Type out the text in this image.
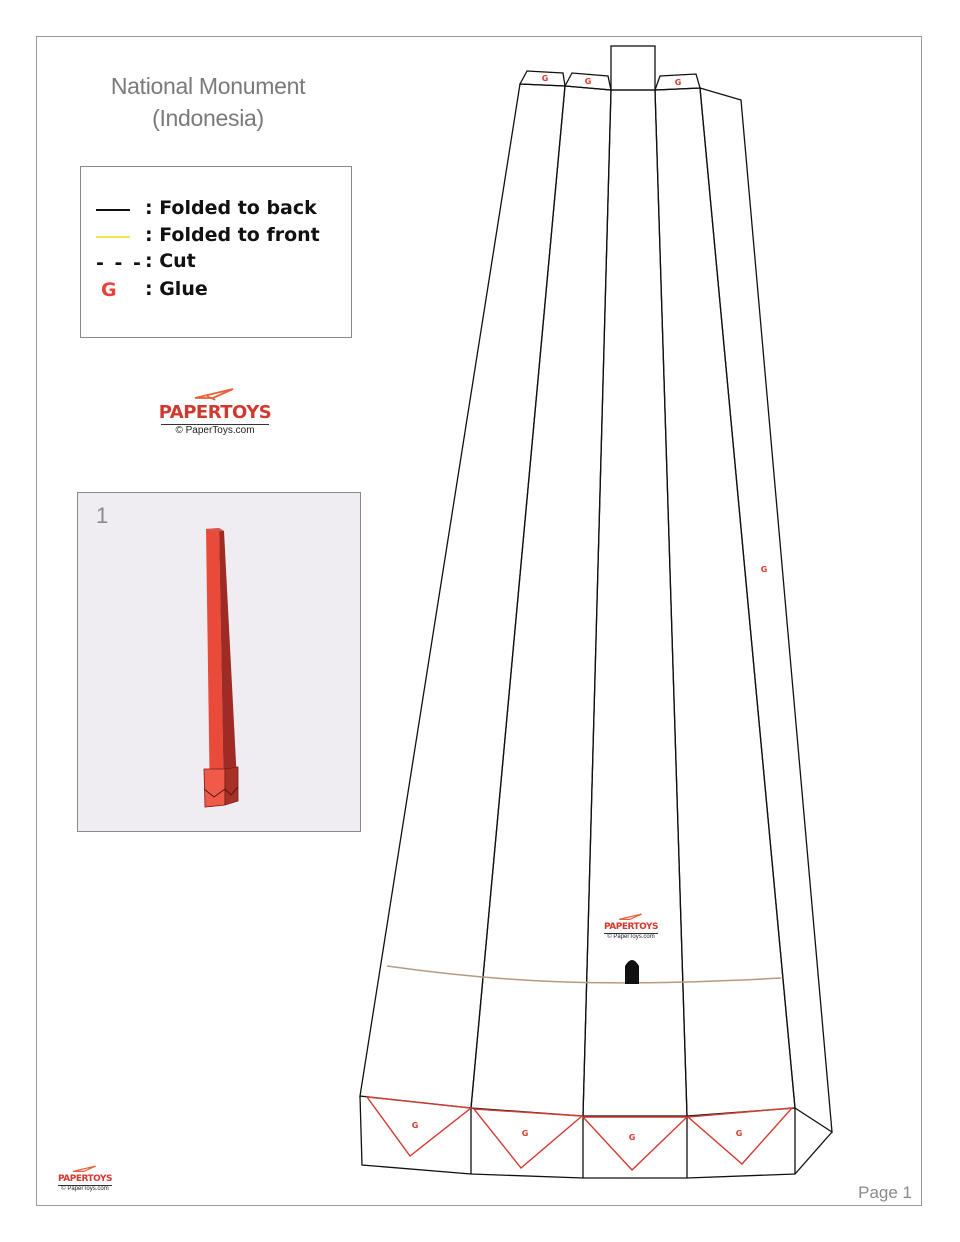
National Monument
(Indonesia)
: Folded to back
: Folded to front
- - - : Cut
G : Glue
PAPERTOYS
© PaperToys.com
1
G	G	G
G
G
G	G	G
PAPERTOYS
© PaperToys.com
PAPERTOYS
© PaperToys.com	Page 1
